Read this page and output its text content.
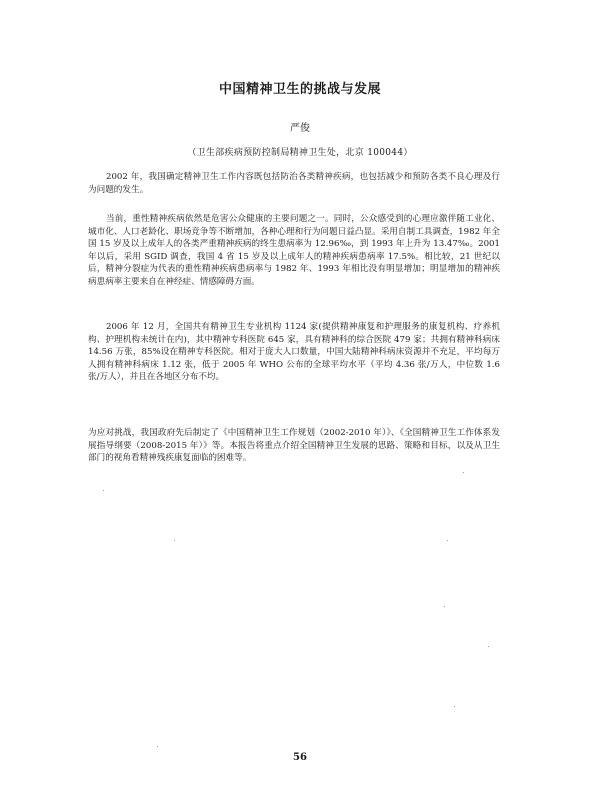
中国精神卫生的挑战与发展
严俊
（卫生部疾病预防控制局精神卫生处，北京 100044）

2002 年，我国确定精神卫生工作内容既包括防治各类精神疾病，也包括减少和预防各类不良心理及行为问题的发生。

当前，重性精神疾病依然是危害公众健康的主要问题之一。同时，公众感受到的心理应激伴随工业化、城市化、人口老龄化、职场竞争等不断增加，各种心理和行为问题日益凸显。采用自制工具调查，1982 年全国 15 岁及以上成年人的各类严重精神疾病的终生患病率为 12.96‰，到 1993 年上升为 13.47‰。2001 年以后，采用 SGID 调查，我国 4 省 15 岁及以上成年人的精神疾病患病率 17.5%。相比较，21 世纪以后，精神分裂症为代表的重性精神疾病患病率与 1982 年、1993 年相比没有明显增加；明显增加的精神疾病患病率主要来自在神经症、情感障碍方面。

2006 年 12 月，全国共有精神卫生专业机构 1124 家(提供精神康复和护理服务的康复机构、疗养机构、护理机构未统计在内)，其中精神专科医院 645 家，具有精神科的综合医院 479 家；共拥有精神科病床 14.56 万张，85%设在精神专科医院。相对于庞大人口数量，中国大陆精神科病床资源并不充足，平均每万人拥有精神科病床 1.12 张，低于 2005 年 WHO 公布的全球平均水平（平均 4.36 张/万人，中位数 1.6 张/万人），并且在各地区分布不均。

为应对挑战，我国政府先后制定了《中国精神卫生工作规划（2002-2010 年）》、《全国精神卫生工作体系发展指导纲要（2008-2015 年）》等。本报告将重点介绍全国精神卫生发展的思路、策略和目标，以及从卫生部门的视角看精神残疾康复面临的困难等。

56
